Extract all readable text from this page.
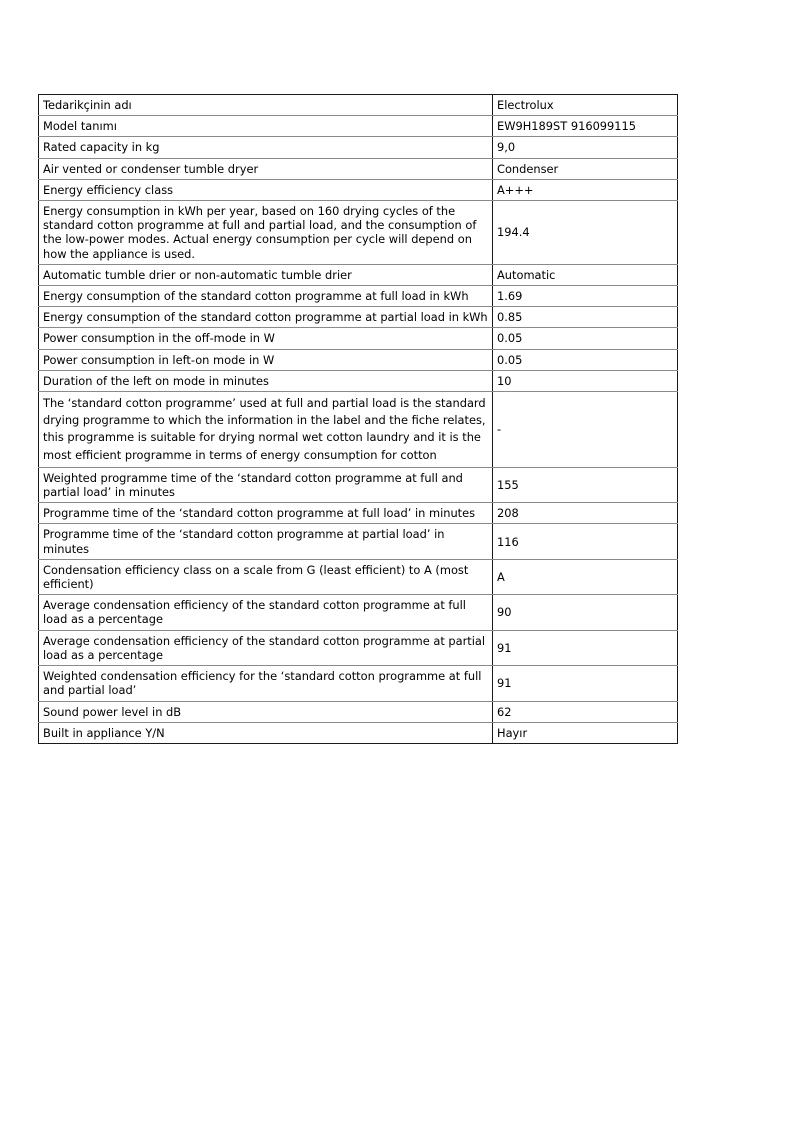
Tedarikçinin adı	Electrolux

Model tanımı	EW9H189ST 916099115

Rated capacity in kg	9,0

Air vented or condenser tumble dryer	Condenser

Energy efficiency class	A+++

Energy consumption in kWh per year, based on 160 drying cycles of the standard cotton programme at full and partial load, and the consumption of the low-power modes. Actual energy consumption per cycle will depend on how the appliance is used.	194.4

Automatic tumble drier or non-automatic tumble drier	Automatic

Energy consumption of the standard cotton programme at full load in kWh	1.69

Energy consumption of the standard cotton programme at partial load in kWh	0.85

Power consumption in the off-mode in W	0.05

Power consumption in left-on mode in W	0.05

Duration of the left on mode in minutes	10

The ‘standard cotton programme’ used at full and partial load is the standard drying programme to which the information in the label and the fiche relates, this programme is suitable for drying normal wet cotton laundry and it is the most efficient programme in terms of energy consumption for cotton	-

Weighted programme time of the ‘standard cotton programme at full and partial load’ in minutes	155

Programme time of the ‘standard cotton programme at full load’ in minutes	208

Programme time of the ‘standard cotton programme at partial load’ in minutes	116

Condensation efficiency class on a scale from G (least efficient) to A (most efficient)	A

Average condensation efficiency of the standard cotton programme at full load as a percentage	90

Average condensation efficiency of the standard cotton programme at partial load as a percentage	91

Weighted condensation efficiency for the ‘standard cotton programme at full and partial load’	91

Sound power level in dB	62

Built in appliance Y/N	Hayır
